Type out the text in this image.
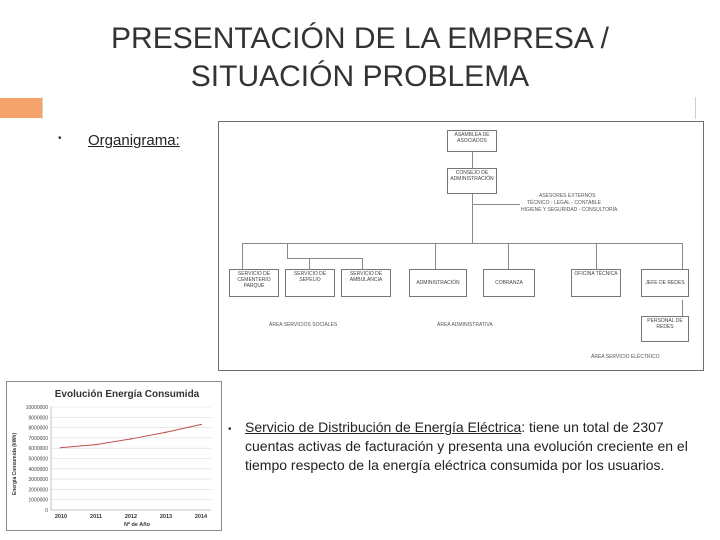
PRESENTACIÓN DE LA EMPRESA /
SITUACIÓN PROBLEMA
• Organigrama:	ASAMBLEA DE ASOCIADOS
CONSEJO DE ADMINISTRACIÓN
ASESORES EXTERNOS
TÉCNICO - LEGAL - CONTABLE
HIGIENE Y SEGURIDAD - CONSULTORÍA
SERVICIO DE CEMENTERIO PARQUE
SERVICIO DE SEPELIO
SERVICIO DE AMBULANCIA	ADMINISTRACIÓN	COBRANZA
OFICINA TÉCNICA
JEFE DE REDES
PERSONAL DE REDES
ÁREA SERVICIOS SOCIALES	ÁREA ADMINISTRATIVA
ÁREA SERVICIO ELÉCTRICO
Evolución Energía Consumida
Nº de Año
Energía Consumida (kWh)
0
1000000
2000000
3000000
4000000
5000000
6000000
7000000
8000000
9000000
10000000
2010	2011	2012	2013	2014
• Servicio de Distribución de Energía Eléctrica: tiene un total de 2307 cuentas activas de facturación y presenta una evolución creciente en el tiempo respecto de la energía eléctrica consumida por los usuarios.
